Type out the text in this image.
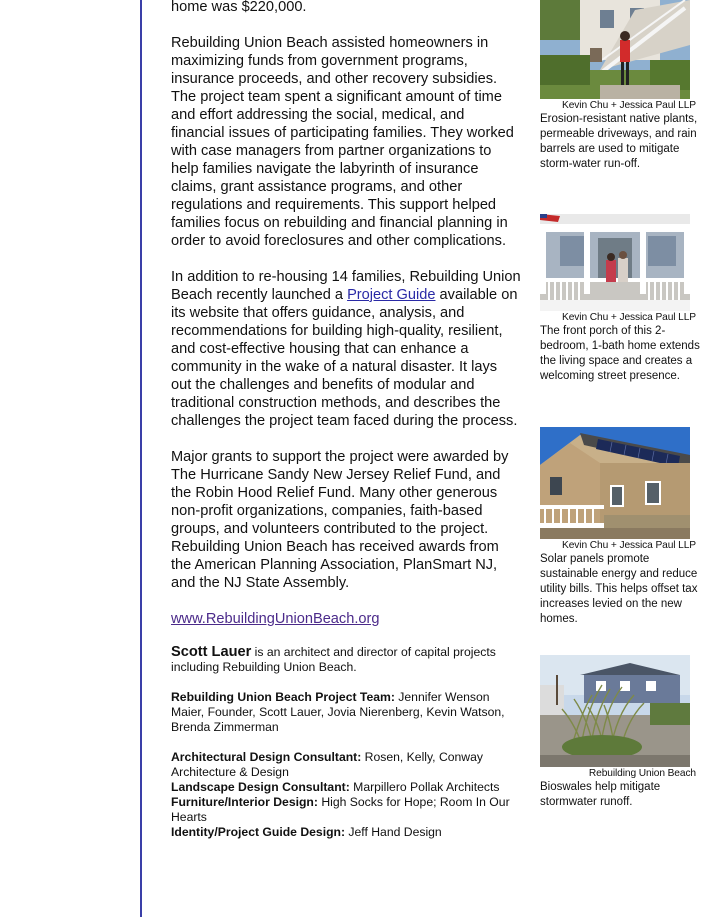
home was $220,000.

Rebuilding Union Beach assisted homeowners in maximizing funds from government programs, insurance proceeds, and other recovery subsidies. The project team spent a significant amount of time and effort addressing the social, medical, and financial issues of participating families. They worked with case managers from partner organizations to help families navigate the labyrinth of insurance claims, grant assistance programs, and other regulations and requirements. This support helped families focus on rebuilding and financial planning in order to avoid foreclosures and other complications.

In addition to re-housing 14 families, Rebuilding Union Beach recently launched a Project Guide available on its website that offers guidance, analysis, and recommendations for building high-quality, resilient, and cost-effective housing that can enhance a community in the wake of a natural disaster. It lays out the challenges and benefits of modular and traditional construction methods, and describes the challenges the project team faced during the process.

Major grants to support the project were awarded by The Hurricane Sandy New Jersey Relief Fund, and the Robin Hood Relief Fund. Many other generous non-profit organizations, companies, faith-based groups, and volunteers contributed to the project. Rebuilding Union Beach has received awards from the American Planning Association, PlanSmart NJ, and the NJ State Assembly.

www.RebuildingUnionBeach.org

Scott Lauer is an architect and director of capital projects including Rebuilding Union Beach.

Rebuilding Union Beach Project Team: Jennifer Wenson Maier, Founder, Scott Lauer, Jovia Nierenberg, Kevin Watson, Brenda Zimmerman

Architectural Design Consultant: Rosen, Kelly, Conway Architecture & Design

Landscape Design Consultant: Marpillero Pollak Architects

Furniture/Interior Design: High Socks for Hope; Room In Our Hearts

Identity/Project Guide Design: Jeff Hand Design

Kevin Chu + Jessica Paul LLP

Erosion-resistant native plants, permeable driveways, and rain barrels are used to mitigate storm-water run-off.

Kevin Chu + Jessica Paul LLP

The front porch of this 2-bedroom, 1-bath home extends the living space and creates a welcoming street presence.

Kevin Chu + Jessica Paul LLP

Solar panels promote sustainable energy and reduce utility bills. This helps offset tax increases levied on the new homes.

Rebuilding Union Beach

Bioswales help mitigate stormwater runoff.
